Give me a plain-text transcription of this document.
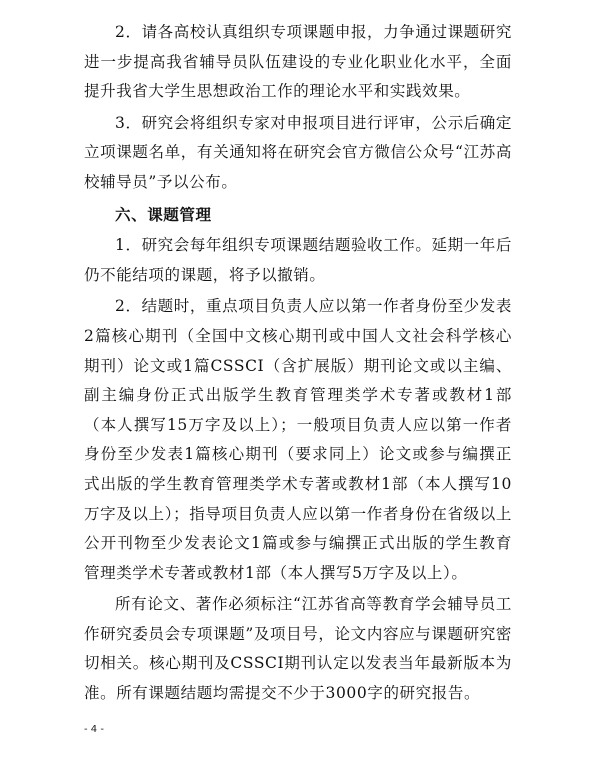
2．请各高校认真组织专项课题申报，力争通过课题研究进一步提高我省辅导员队伍建设的专业化职业化水平，全面提升我省大学生思想政治工作的理论水平和实践效果。

3．研究会将组织专家对申报项目进行评审，公示后确定立项课题名单，有关通知将在研究会官方微信公众号“江苏高校辅导员”予以公布。

六、课题管理

1．研究会每年组织专项课题结题验收工作。延期一年后仍不能结项的课题，将予以撤销。

2．结题时，重点项目负责人应以第一作者身份至少发表2篇核心期刊（全国中文核心期刊或中国人文社会科学核心期刊）论文或1篇CSSCI（含扩展版）期刊论文或以主编、副主编身份正式出版学生教育管理类学术专著或教材1部（本人撰写15万字及以上）；一般项目负责人应以第一作者身份至少发表1篇核心期刊（要求同上）论文或参与编撰正式出版的学生教育管理类学术专著或教材1部（本人撰写10万字及以上）；指导项目负责人应以第一作者身份在省级以上公开刊物至少发表论文1篇或参与编撰正式出版的学生教育管理类学术专著或教材1部（本人撰写5万字及以上）。

所有论文、著作必须标注“江苏省高等教育学会辅导员工作研究委员会专项课题”及项目号，论文内容应与课题研究密切相关。核心期刊及CSSCI期刊认定以发表当年最新版本为准。所有课题结题均需提交不少于3000字的研究报告。

- 4 -
